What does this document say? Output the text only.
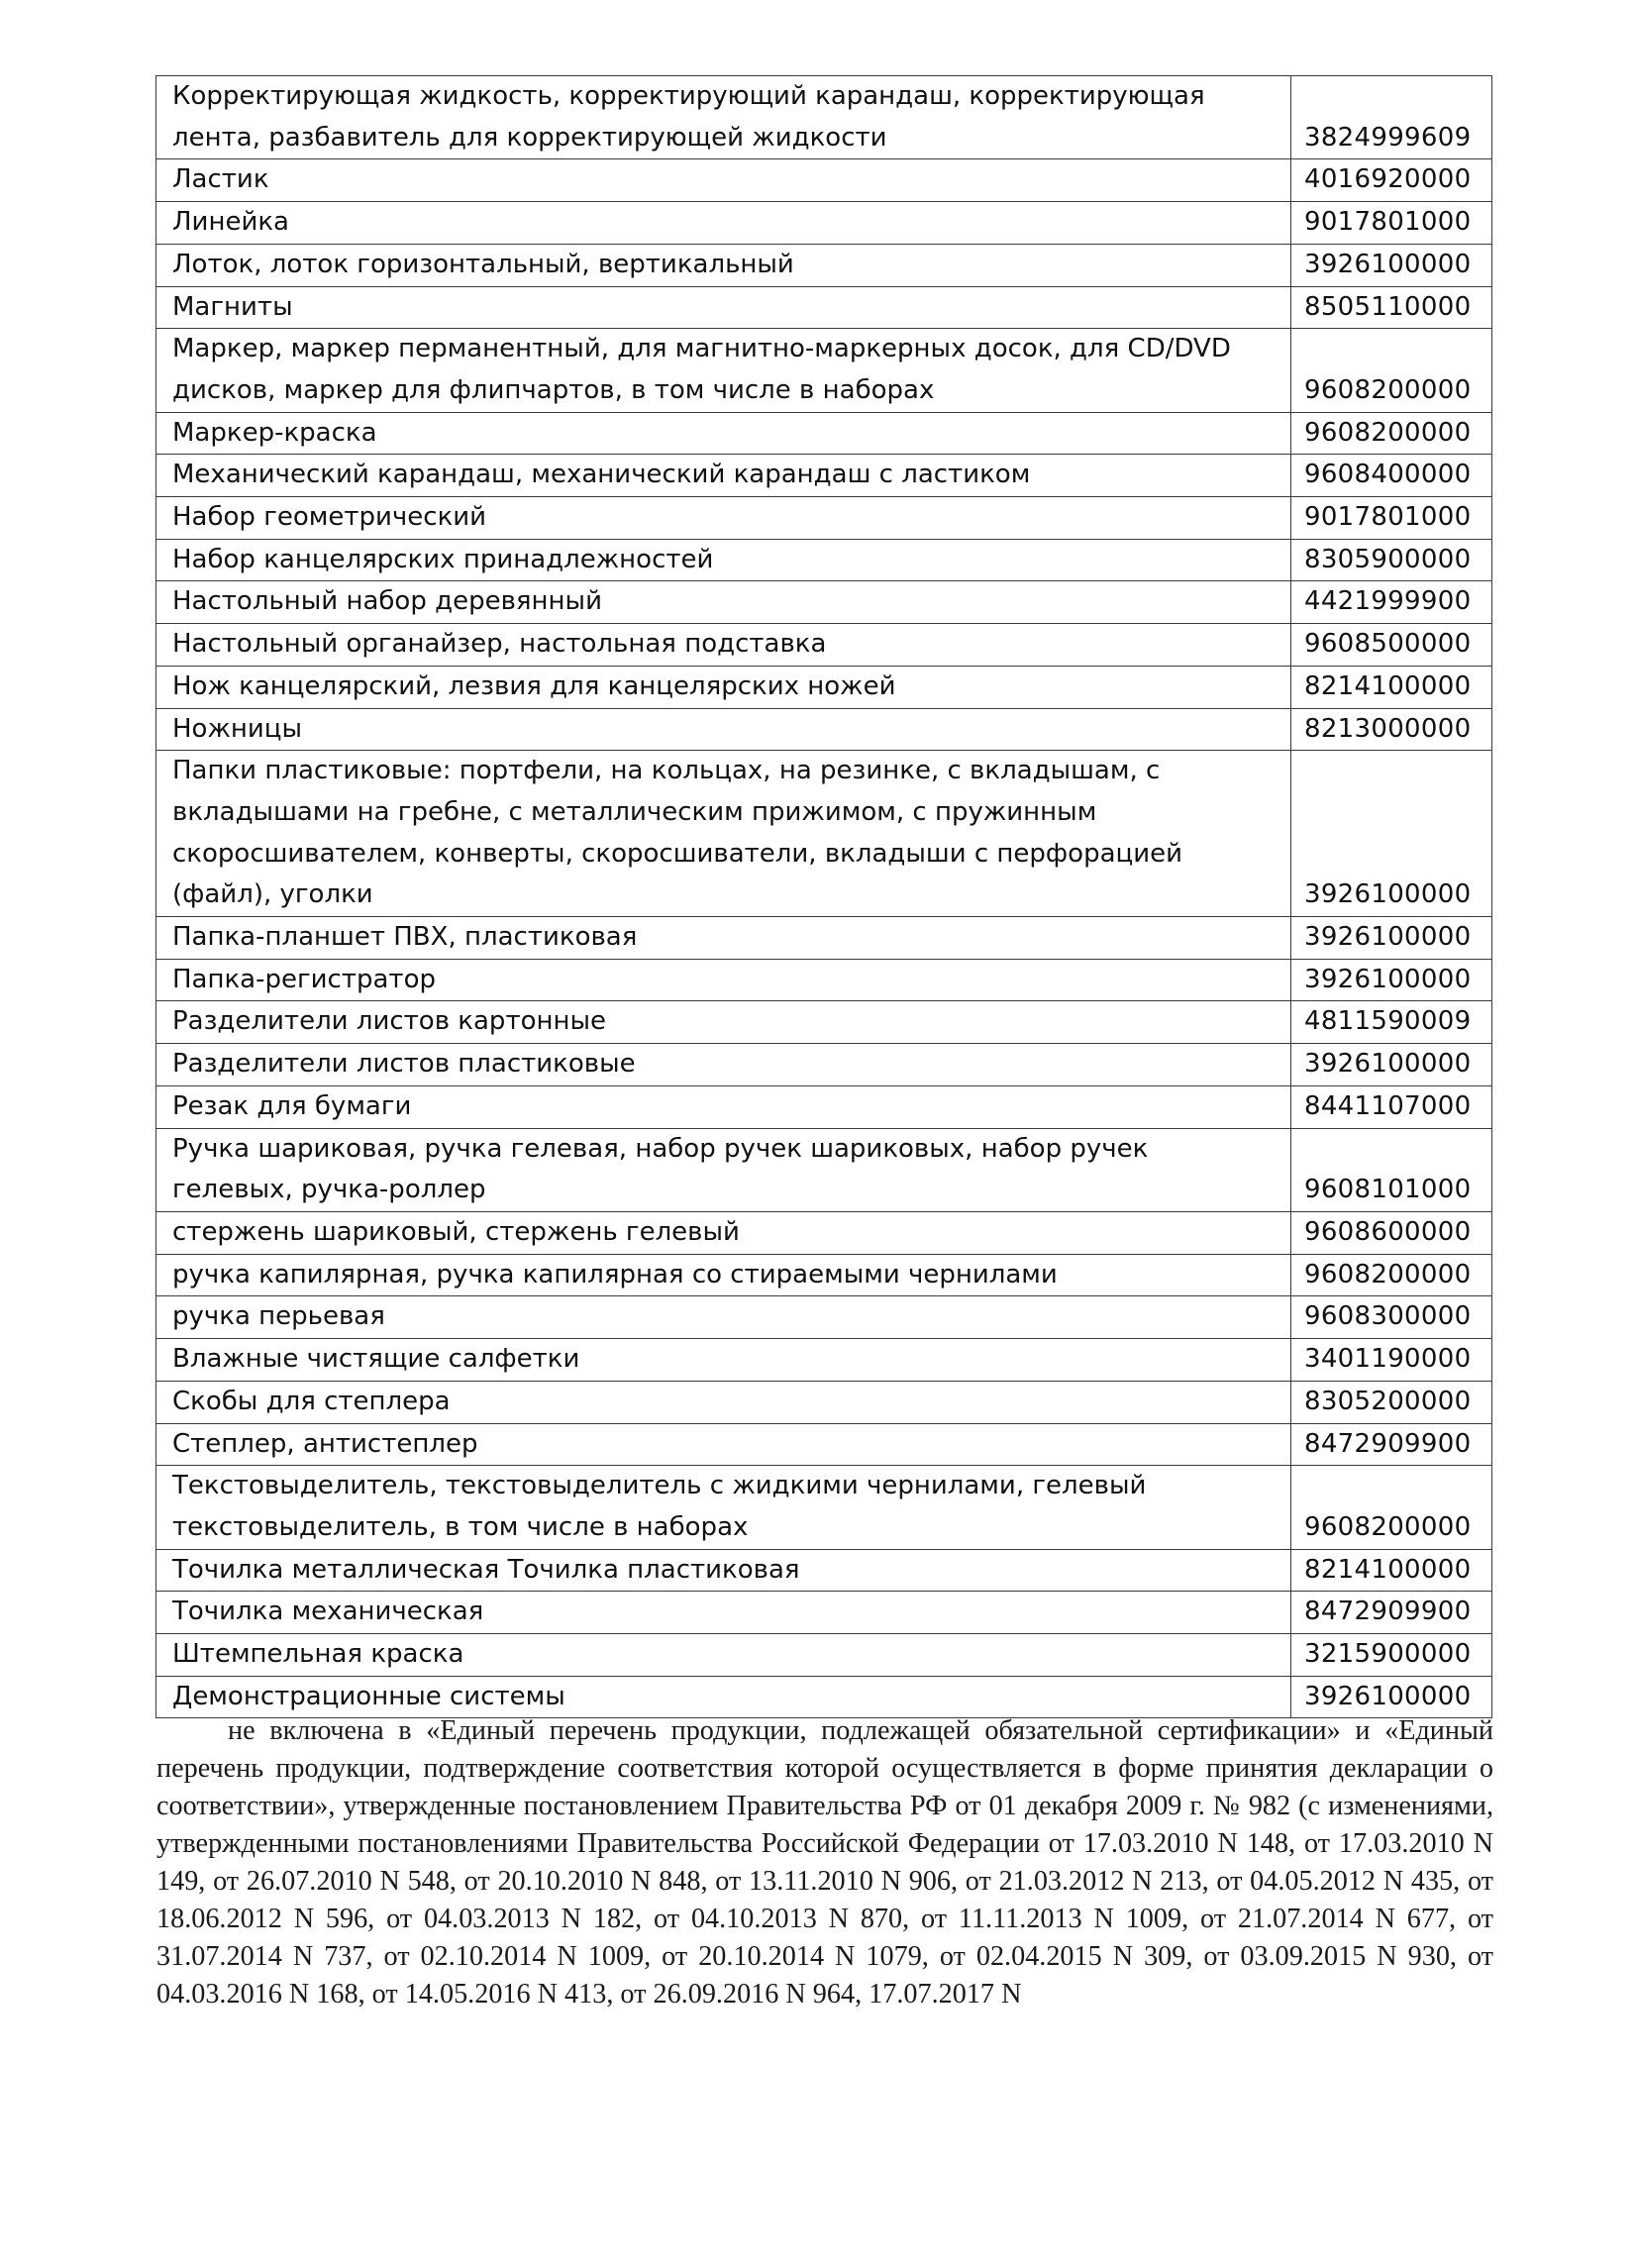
Корректирующая жидкость, корректирующий карандаш, корректирующая лента, разбавитель для корректирующей жидкости	3824999609
Ластик	4016920000
Линейка	9017801000
Лоток, лоток горизонтальный, вертикальный	3926100000
Магниты	8505110000
Маркер, маркер перманентный, для магнитно-маркерных досок, для CD/DVD дисков, маркер для флипчартов, в том числе в наборах	9608200000
Маркер-краска	9608200000
Механический карандаш, механический карандаш с ластиком	9608400000
Набор геометрический	9017801000
Набор канцелярских принадлежностей	8305900000
Настольный набор деревянный	4421999900
Настольный органайзер, настольная подставка	9608500000
Нож канцелярский, лезвия для канцелярских ножей	8214100000
Ножницы	8213000000
Папки пластиковые: портфели, на кольцах, на резинке, с вкладышам, с вкладышами на гребне, с металлическим прижимом, с пружинным скоросшивателем, конверты, скоросшиватели, вкладыши с перфорацией (файл), уголки	3926100000
Папка-планшет ПВХ, пластиковая	3926100000
Папка-регистратор	3926100000
Разделители листов картонные	4811590009
Разделители листов пластиковые	3926100000
Резак для бумаги	8441107000
Ручка шариковая, ручка гелевая, набор ручек шариковых, набор ручек гелевых, ручка-роллер	9608101000
стержень шариковый, стержень гелевый	9608600000
ручка капилярная, ручка капилярная со стираемыми чернилами	9608200000
ручка перьевая	9608300000
Влажные чистящие салфетки	3401190000
Скобы для степлера	8305200000
Степлер, антистеплер	8472909900
Текстовыделитель, текстовыделитель с жидкими чернилами, гелевый текстовыделитель, в том числе в наборах	9608200000
Точилка металлическая Точилка пластиковая	8214100000
Точилка механическая	8472909900
Штемпельная краска	3215900000
Демонстрационные системы	3926100000
не включена в «Единый перечень продукции, подлежащей обязательной сертификации» и «Единый перечень продукции, подтверждение соответствия которой осуществляется в форме принятия декларации о соответствии», утвержденные постановлением Правительства РФ от 01 декабря 2009 г. № 982 (с изменениями, утвержденными постановлениями Правительства Российской Федерации от 17.03.2010 N 148, от 17.03.2010 N 149, от 26.07.2010 N 548, от 20.10.2010 N 848, от 13.11.2010 N 906, от 21.03.2012 N 213, от 04.05.2012 N 435, от 18.06.2012 N 596, от 04.03.2013 N 182, от 04.10.2013 N 870, от 11.11.2013 N 1009, от 21.07.2014 N 677, от 31.07.2014 N 737, от 02.10.2014 N 1009, от 20.10.2014 N 1079, от 02.04.2015 N 309, от 03.09.2015 N 930, от 04.03.2016 N 168, от 14.05.2016 N 413, от 26.09.2016 N 964, 17.07.2017 N
